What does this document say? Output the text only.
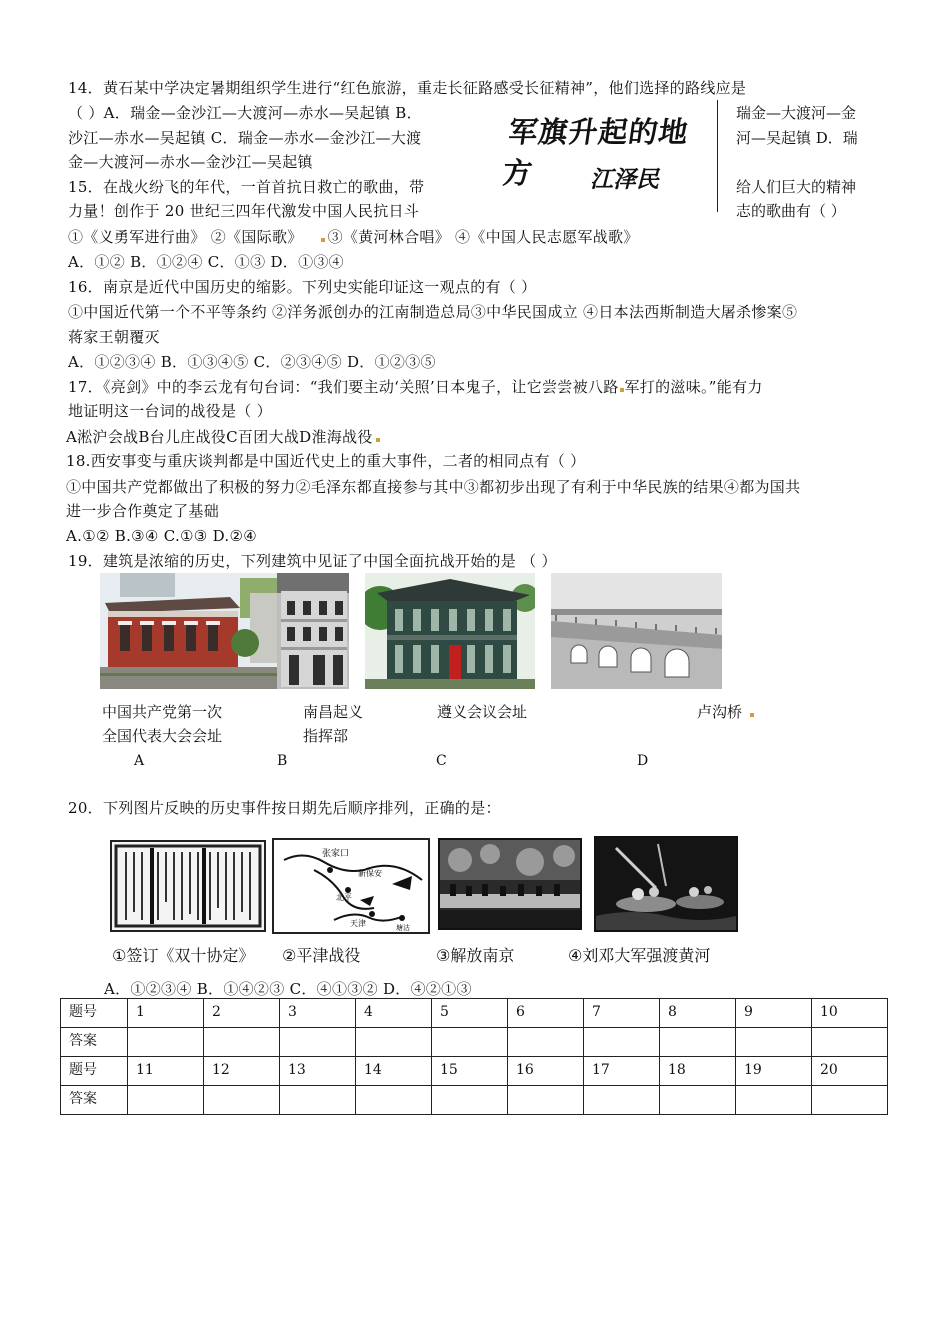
14．黄石某中学决定暑期组织学生进行“红色旅游，重走长征路感受长征精神”，他们选择的路线应是
（ ）A．瑞金—金沙江—大渡河—赤水—吴起镇 B．
沙江—赤水—吴起镇 C．瑞金—赤水—金沙江—大渡
金—大渡河—赤水—金沙江—吴起镇
瑞金—大渡河—金
河—吴起镇 D．瑞
军旗升起的地方	江泽民
15．在战火纷飞的年代，一首首抗日救亡的歌曲，带	给人们巨大的精神
力量！创作于 20 世纪三四年代激发中国人民抗日斗	志的歌曲有（ ）
①《义勇军进行曲》 ②《国际歌》 ③《黄河林合唱》 ④《中国人民志愿军战歌》
A．①② B．①②④ C．①③ D．①③④
16．南京是近代中国历史的缩影。下列史实能印证这一观点的有（ ）
①中国近代第一个不平等条约 ②洋务派创办的江南制造总局③中华民国成立 ④日本法西斯制造大屠杀惨案⑤
蒋家王朝覆灭
A．①②③④ B．①③④⑤ C．②③④⑤ D．①②③⑤
17．《亮剑》中的李云龙有句台词：“我们要主动‘关照’日本鬼子，让它尝尝被八路 军打的滋味。”能有力
地证明这一台词的战役是（ ）
A淞沪会战B台儿庄战役C百团大战D淮海战役
18.西安事变与重庆谈判都是中国近代史上的重大事件，二者的相同点有（ ）
①中国共产党都做出了积极的努力②毛泽东都直接参与其中③都初步出现了有利于中华民族的结果④都为国共
进一步合作奠定了基础
A.①② B.③④ C.①③ D.②④
19．建筑是浓缩的历史，下列建筑中见证了中国全面抗战开始的是 （ ）
中国共产党第一次
全国代表大会会址
南昌起义
指挥部
遵义会议会址	卢沟桥
A	B	C	D
20．下列图片反映的历史事件按日期先后顺序排列，正确的是：
张家口
新保安
北平
天津	塘沽
①签订《双十协定》 ②平津战役	③解放南京	④刘邓大军强渡黄河
A．①②③④ B．①④②③ C．④①③② D．④②①③
题号	1	2	3	4	5	6	7	8	9	10
答案										
题号	11	12	13	14	15	16	17	18	19	20
答案										
